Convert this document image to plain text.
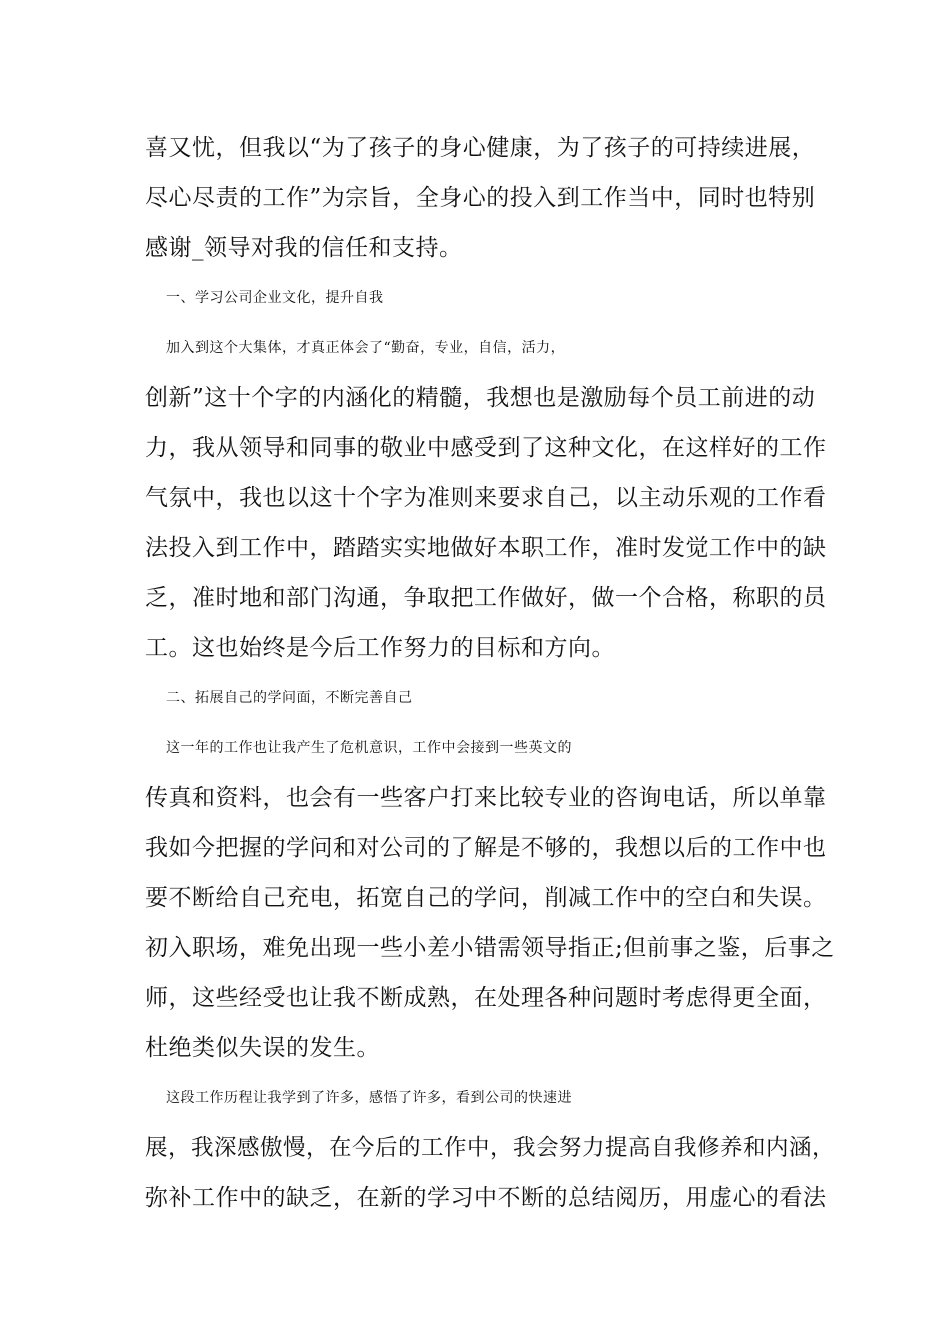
喜又忧，但我以“为了孩子的身心健康，为了孩子的可持续进展，
尽心尽责的工作”为宗旨，全身心的投入到工作当中，同时也特别
感谢_领导对我的信任和支持。
一、学习公司企业文化，提升自我
加入到这个大集体，才真正体会了“勤奋，专业，自信，活力，
创新”这十个字的内涵化的精髓，我想也是激励每个员工前进的动
力，我从领导和同事的敬业中感受到了这种文化，在这样好的工作
气氛中，我也以这十个字为准则来要求自己，以主动乐观的工作看
法投入到工作中，踏踏实实地做好本职工作，准时发觉工作中的缺
乏，准时地和部门沟通，争取把工作做好，做一个合格，称职的员
工。这也始终是今后工作努力的目标和方向。
二、拓展自己的学问面，不断完善自己
这一年的工作也让我产生了危机意识，工作中会接到一些英文的
传真和资料，也会有一些客户打来比较专业的咨询电话，所以单靠
我如今把握的学问和对公司的了解是不够的，我想以后的工作中也
要不断给自己充电，拓宽自己的学问，削减工作中的空白和失误。
初入职场，难免出现一些小差小错需领导指正;但前事之鉴，后事之
师，这些经受也让我不断成熟，在处理各种问题时考虑得更全面，
杜绝类似失误的发生。
这段工作历程让我学到了许多，感悟了许多，看到公司的快速进
展，我深感傲慢，在今后的工作中，我会努力提高自我修养和内涵，
弥补工作中的缺乏，在新的学习中不断的总结阅历，用虚心的看法
